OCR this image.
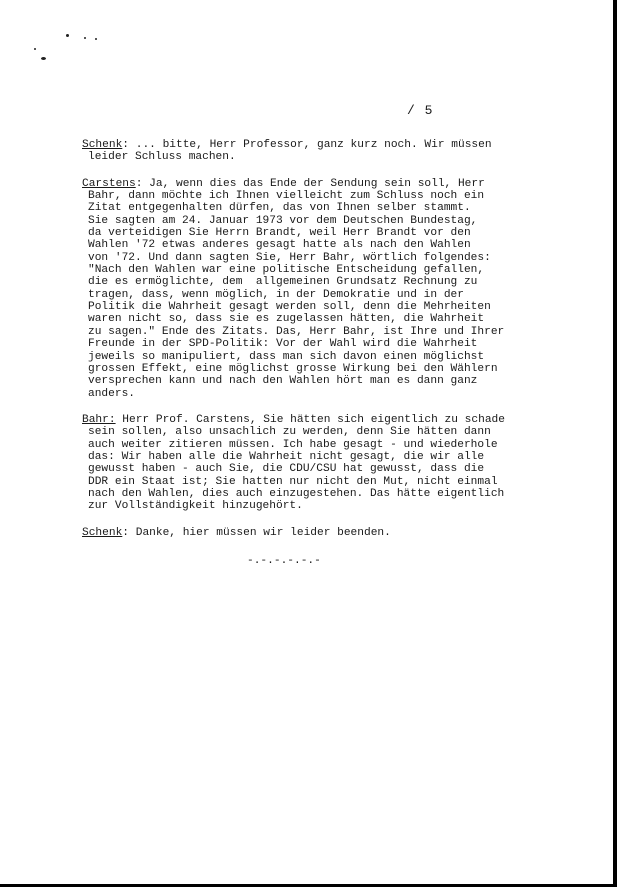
/ 5

Schenk: ... bitte, Herr Professor, ganz kurz noch. Wir müssen
leider Schluss machen.

Carstens: Ja, wenn dies das Ende der Sendung sein soll, Herr
Bahr, dann möchte ich Ihnen vielleicht zum Schluss noch ein
Zitat entgegenhalten dürfen, das von Ihnen selber stammt.
Sie sagten am 24. Januar 1973 vor dem Deutschen Bundestag,
da verteidigen Sie Herrn Brandt, weil Herr Brandt vor den
Wahlen '72 etwas anderes gesagt hatte als nach den Wahlen
von '72. Und dann sagten Sie, Herr Bahr, wörtlich folgendes:
"Nach den Wahlen war eine politische Entscheidung gefallen,
die es ermöglichte, dem  allgemeinen Grundsatz Rechnung zu
tragen, dass, wenn möglich, in der Demokratie und in der
Politik die Wahrheit gesagt werden soll, denn die Mehrheiten
waren nicht so, dass sie es zugelassen hätten, die Wahrheit
zu sagen." Ende des Zitats. Das, Herr Bahr, ist Ihre und Ihrer
Freunde in der SPD-Politik: Vor der Wahl wird die Wahrheit
jeweils so manipuliert, dass man sich davon einen möglichst
grossen Effekt, eine möglichst grosse Wirkung bei den Wählern
versprechen kann und nach den Wahlen hört man es dann ganz
anders.

Bahr: Herr Prof. Carstens, Sie hätten sich eigentlich zu schade
sein sollen, also unsachlich zu werden, denn Sie hätten dann
auch weiter zitieren müssen. Ich habe gesagt - und wiederhole
das: Wir haben alle die Wahrheit nicht gesagt, die wir alle
gewusst haben - auch Sie, die CDU/CSU hat gewusst, dass die
DDR ein Staat ist; Sie hatten nur nicht den Mut, nicht einmal
nach den Wahlen, dies auch einzugestehen. Das hätte eigentlich
zur Vollständigkeit hinzugehört.

Schenk: Danke, hier müssen wir leider beenden.

-.-.-.-.-.-
